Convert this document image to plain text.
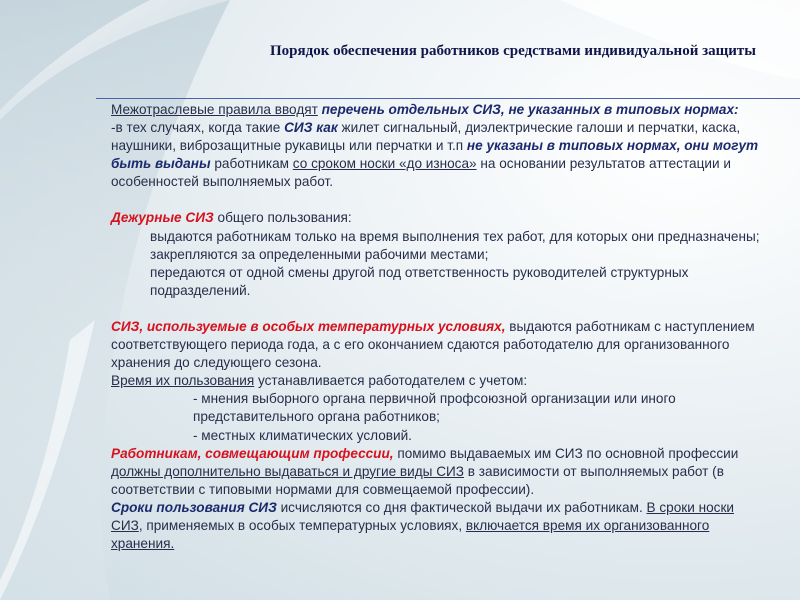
Порядок обеспечения работников средствами индивидуальной защиты

Межотраслевые правила вводят перечень отдельных СИЗ, не указанных в типовых нормах:
-в тех случаях, когда такие СИЗ как жилет сигнальный, диэлектрические галоши и перчатки, каска, наушники, виброзащитные рукавицы или перчатки и т.п не указаны в типовых нормах, они могут быть выданы работникам со сроком носки «до износа» на основании результатов аттестации и особенностей выполняемых работ.

Дежурные СИЗ общего пользования:

выдаются работникам только на время выполнения тех работ, для которых они предназначены;

закрепляются за определенными рабочими местами;

передаются от одной смены другой под ответственность руководителей структурных подразделений.

СИЗ, используемые в особых температурных условиях, выдаются работникам с наступлением соответствующего периода года, а с его окончанием сдаются работодателю для организованного хранения до следующего сезона.

Время их пользования устанавливается работодателем с учетом:

- мнения выборного органа первичной профсоюзной организации или иного представительного органа работников;

- местных климатических условий.

Работникам, совмещающим профессии, помимо выдаваемых им СИЗ по основной профессии должны дополнительно выдаваться и другие виды СИЗ в зависимости от выполняемых работ (в соответствии с типовыми нормами для совмещаемой профессии).

Сроки пользования СИЗ исчисляются со дня фактической выдачи их работникам. В сроки носки СИЗ, применяемых в особых температурных условиях, включается время их организованного хранения.
